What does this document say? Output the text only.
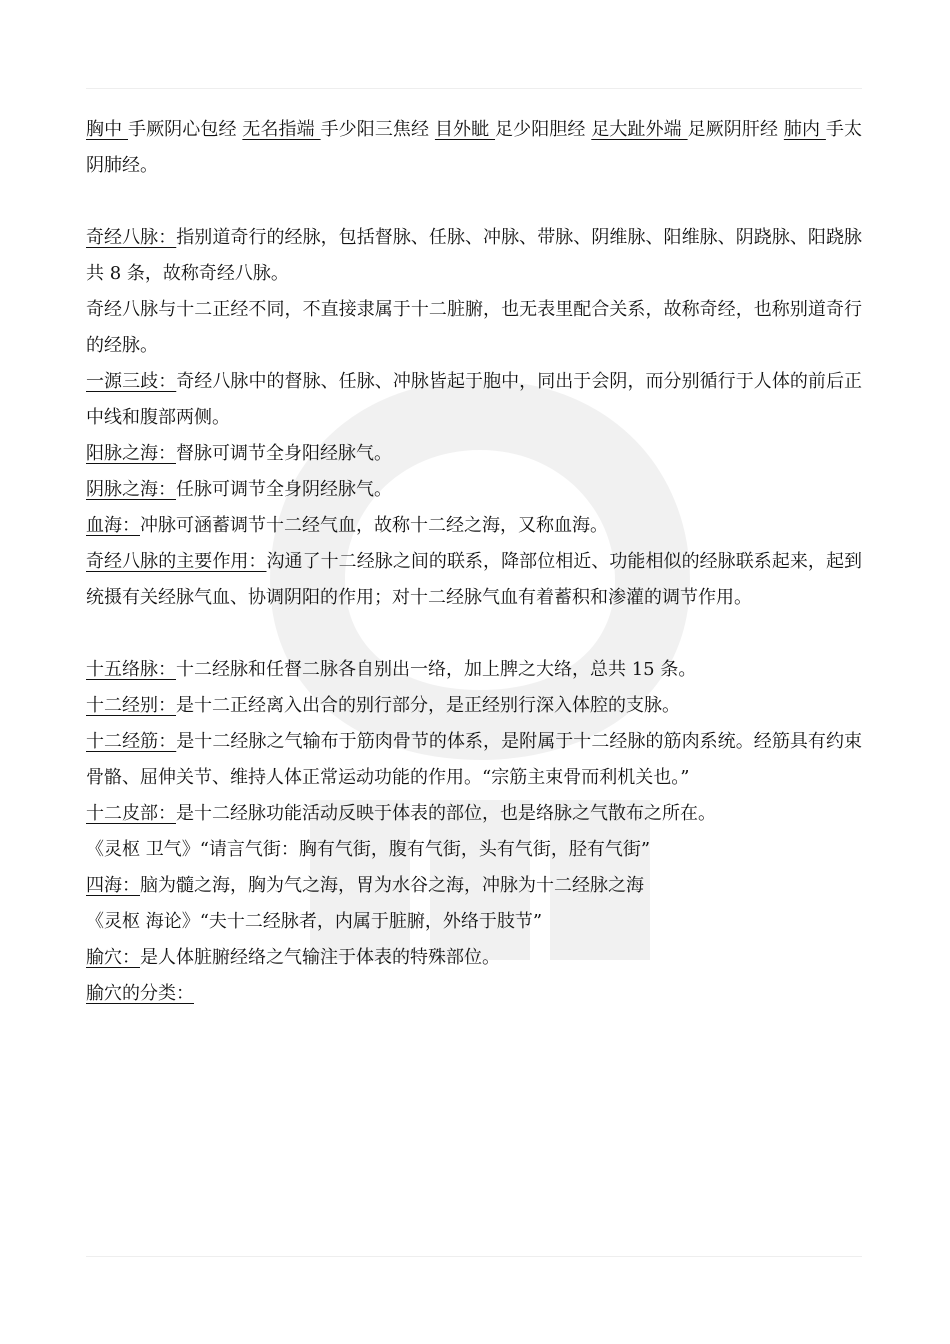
胸中 手厥阴心包经 无名指端 手少阳三焦经 目外眦 足少阳胆经 足大趾外端 足厥阴肝经 肺内 手太阴肺经。

奇经八脉：指别道奇行的经脉，包括督脉、任脉、冲脉、带脉、阴维脉、阳维脉、阴跷脉、阳跷脉共 8 条，故称奇经八脉。

奇经八脉与十二正经不同，不直接隶属于十二脏腑，也无表里配合关系，故称奇经，也称别道奇行的经脉。

一源三歧：奇经八脉中的督脉、任脉、冲脉皆起于胞中，同出于会阴，而分别循行于人体的前后正中线和腹部两侧。

阳脉之海：督脉可调节全身阳经脉气。

阴脉之海：任脉可调节全身阴经脉气。

血海：冲脉可涵蓄调节十二经气血，故称十二经之海，又称血海。

奇经八脉的主要作用：沟通了十二经脉之间的联系，降部位相近、功能相似的经脉联系起来，起到统摄有关经脉气血、协调阴阳的作用；对十二经脉气血有着蓄积和渗灌的调节作用。

十五络脉：十二经脉和任督二脉各自别出一络，加上脾之大络，总共 15 条。

十二经别：是十二正经离入出合的别行部分，是正经别行深入体腔的支脉。

十二经筋：是十二经脉之气输布于筋肉骨节的体系，是附属于十二经脉的筋肉系统。经筋具有约束骨骼、屈伸关节、维持人体正常运动功能的作用。“宗筋主束骨而利机关也。”

十二皮部：是十二经脉功能活动反映于体表的部位，也是络脉之气散布之所在。

《灵枢 卫气》“请言气街：胸有气街，腹有气街，头有气街，胫有气街”

四海：脑为髓之海，胸为气之海，胃为水谷之海，冲脉为十二经脉之海

《灵枢 海论》“夫十二经脉者，内属于脏腑，外络于肢节”

腧穴：是人体脏腑经络之气输注于体表的特殊部位。

腧穴的分类：
